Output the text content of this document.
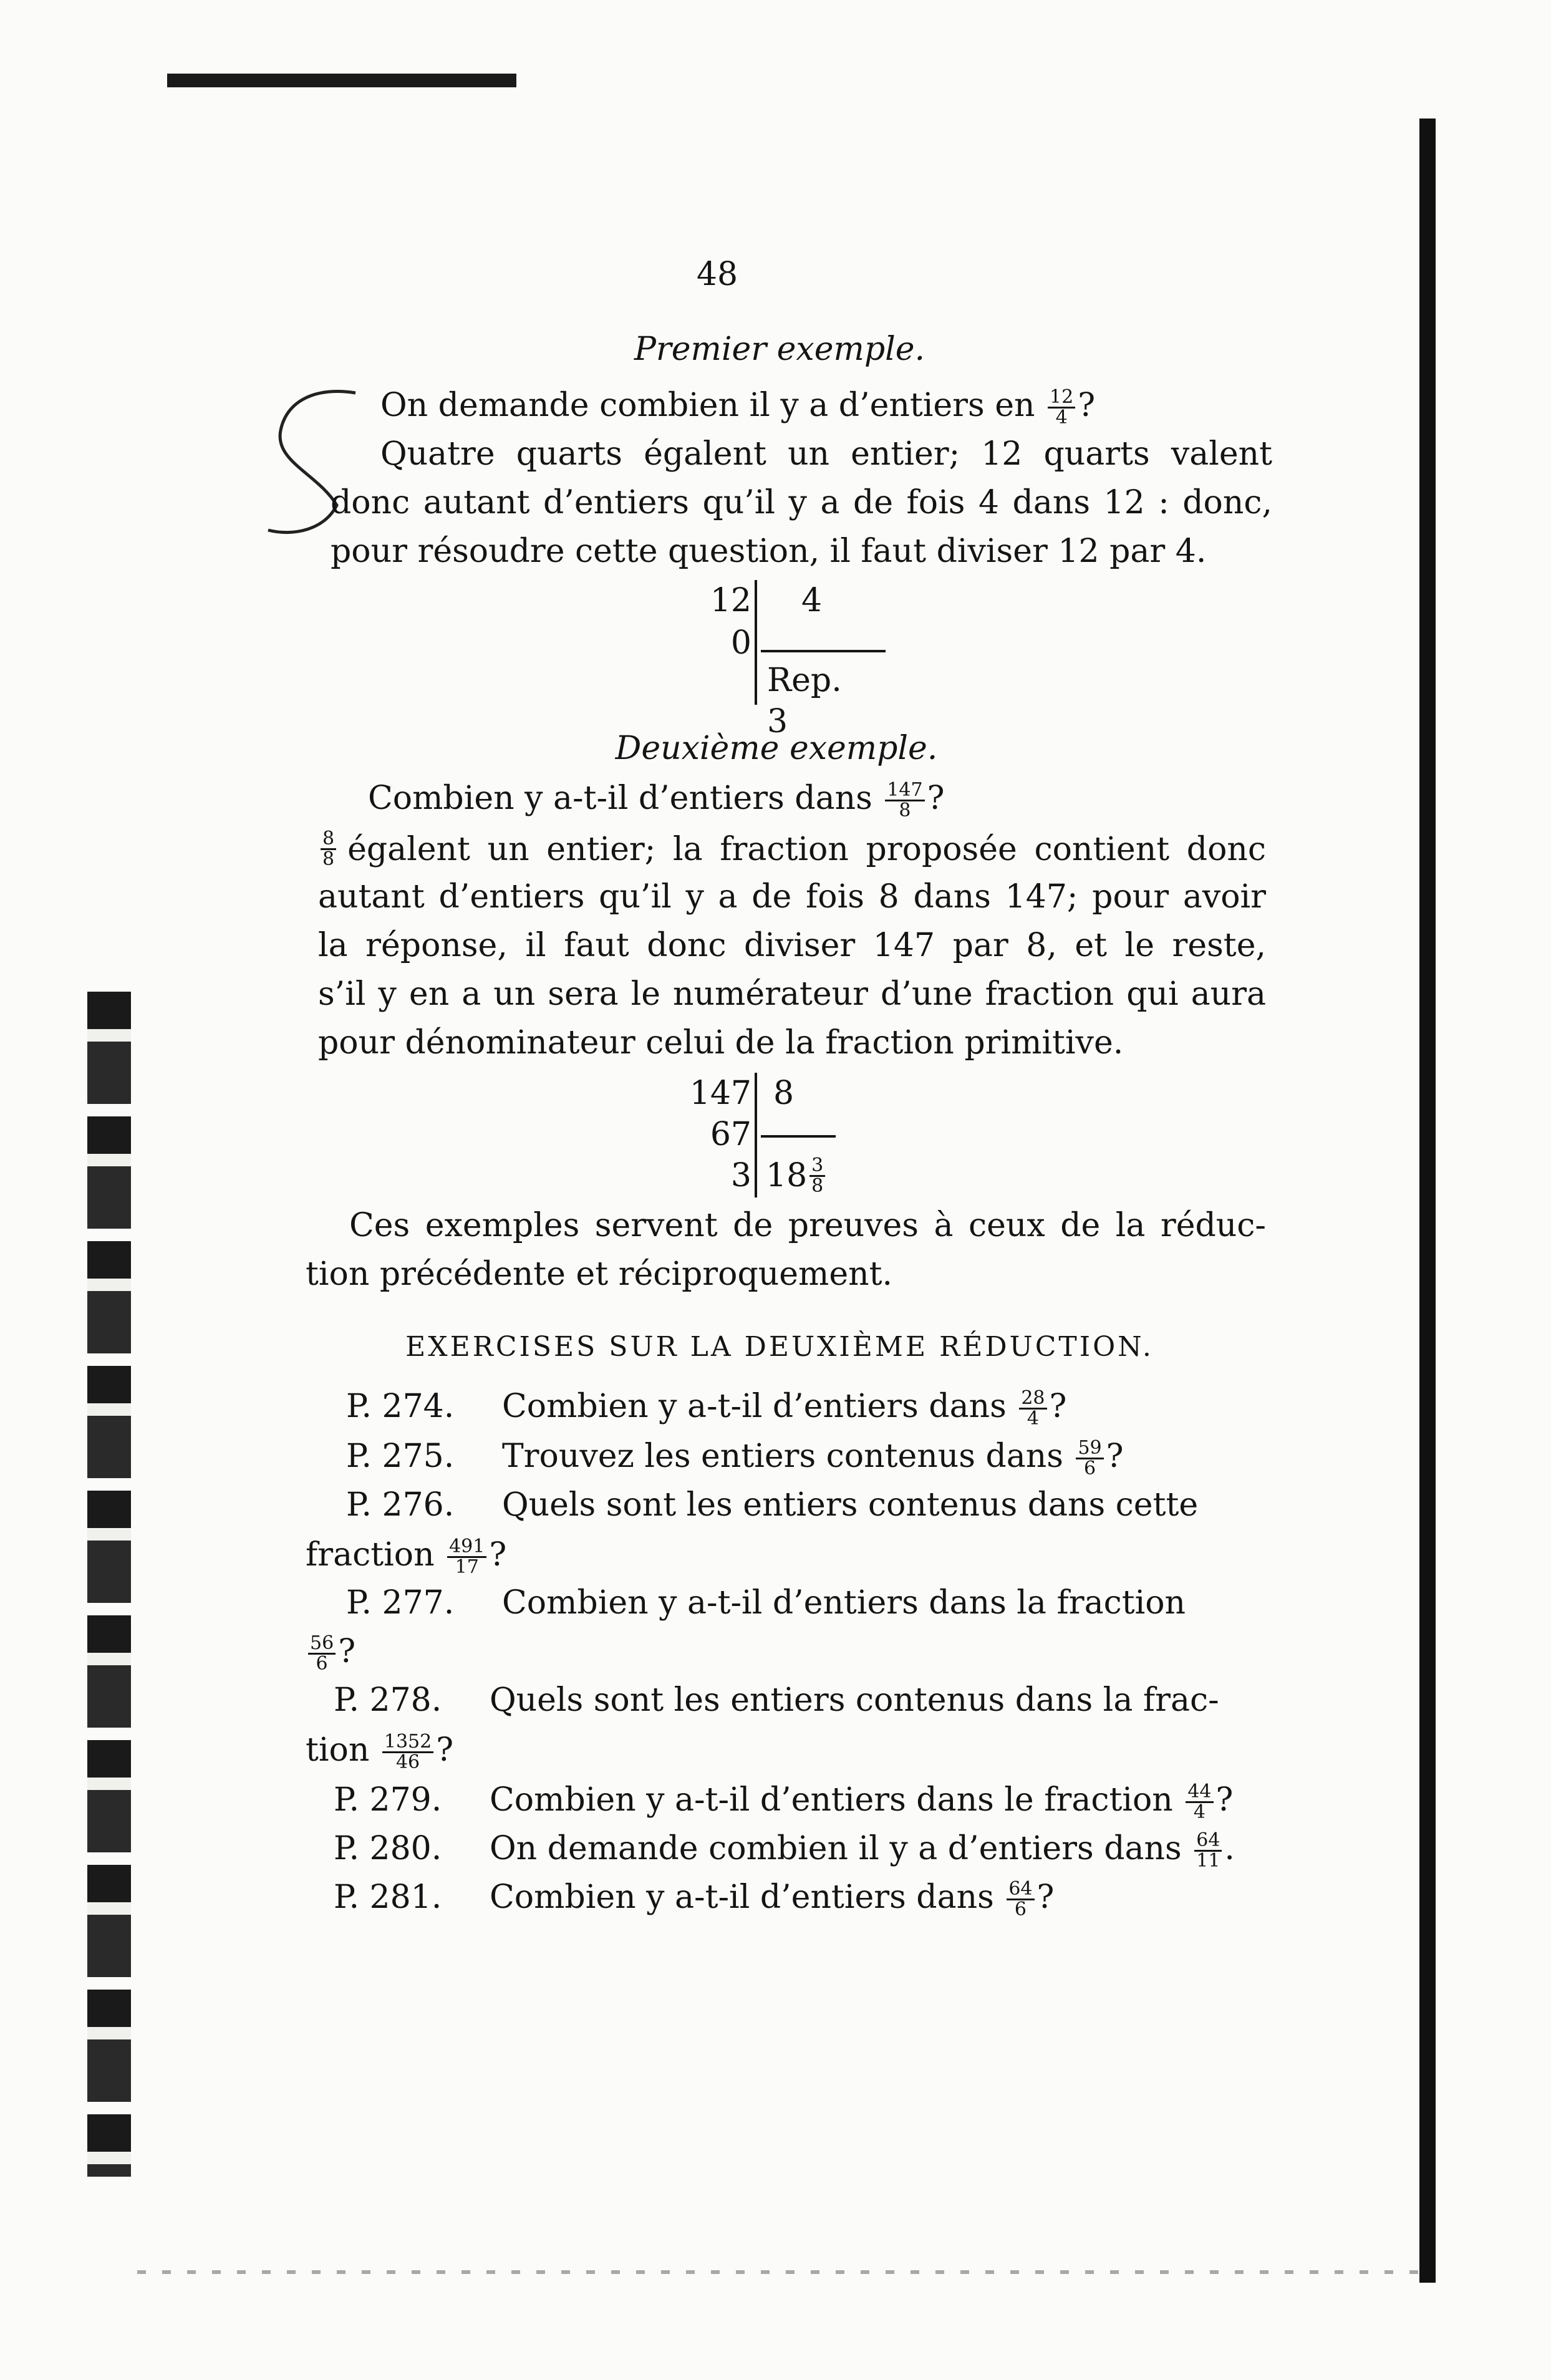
48
Premier exemple.
On demande combien il y a d’entiers en $\frac{12}{4}$ ?
Quatre quarts égalent un entier; 12 quarts valent
donc autant d’entiers qu’il y a de fois 4 dans 12 : donc,
pour résoudre cette question, il faut diviser 12 par 4.
12
0
4
Rep. 3
Deuxième exemple.
Combien y a-t-il d’entiers dans $\frac{147}{8}$ ?
$\frac{8}{8}$ égalent un entier; la fraction proposée contient donc
autant d’entiers qu’il y a de fois 8 dans 147; pour avoir
la réponse, il faut donc diviser 147 par 8, et le reste,
s’il y en a un sera le numérateur d’une fraction qui aura
pour dénominateur celui de la fraction primitive.
147
67
3
8
$18 \frac{3}{8}$
Ces exemples servent de preuves à ceux de la réduc-
tion précédente et réciproquement.
EXERCISES SUR LA DEUXIÈME RÉDUCTION.
P. 274. Combien y a-t-il d’entiers dans $\frac{28}{4}$ ?
P. 275. Trouvez les entiers contenus dans $\frac{59}{6}$ ?
P. 276. Quels sont les entiers contenus dans cette
fraction $\frac{491}{17}$ ?
P. 277. Combien y a-t-il d’entiers dans la fraction
$\frac{56}{6}$ ?
P. 278. Quels sont les entiers contenus dans la frac-
tion $\frac{1352}{46}$ ?
P. 279. Combien y a-t-il d’entiers dans le fraction $\frac{44}{4}$ ?
P. 280. On demande combien il y a d’entiers dans $\frac{64}{11}$ .
P. 281. Combien y a-t-il d’entiers dans $\frac{64}{6}$ ?
